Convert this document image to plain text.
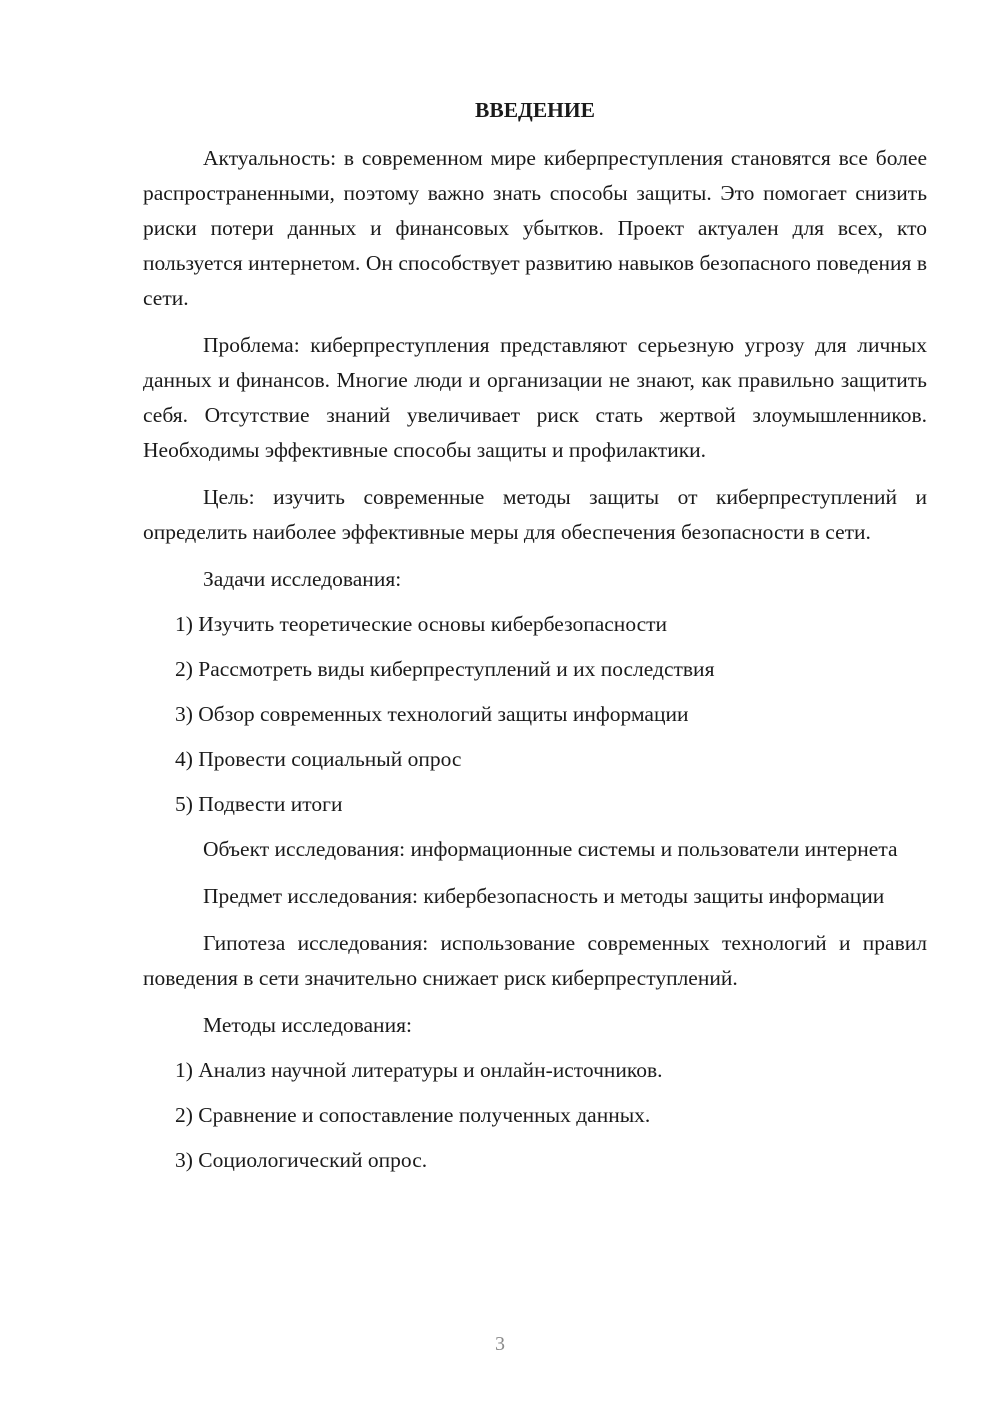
ВВЕДЕНИЕ

Актуальность: в современном мире киберпреступления становятся все более распространенными, поэтому важно знать способы защиты. Это помогает снизить риски потери данных и финансовых убытков. Проект актуален для всех, кто пользуется интернетом. Он способствует развитию навыков безопасного поведения в сети.

Проблема: киберпреступления представляют серьезную угрозу для личных данных и финансов. Многие люди и организации не знают, как правильно защитить себя. Отсутствие знаний увеличивает риск стать жертвой злоумышленников. Необходимы эффективные способы защиты и профилактики.

Цель: изучить современные методы защиты от киберпреступлений и определить наиболее эффективные меры для обеспечения безопасности в сети.

Задачи исследования:

1) Изучить теоретические основы кибербезопасности
2) Рассмотреть виды киберпреступлений и их последствия
3) Обзор современных технологий защиты информации
4) Провести социальный опрос
5) Подвести итоги

Объект исследования: информационные системы и пользователи интернета

Предмет исследования: кибербезопасность и методы защиты информации

Гипотеза исследования: использование современных технологий и правил поведения в сети значительно снижает риск киберпреступлений.

Методы исследования:

1) Анализ научной литературы и онлайн-источников.
2) Сравнение и сопоставление полученных данных.
3) Социологический опрос.
3
